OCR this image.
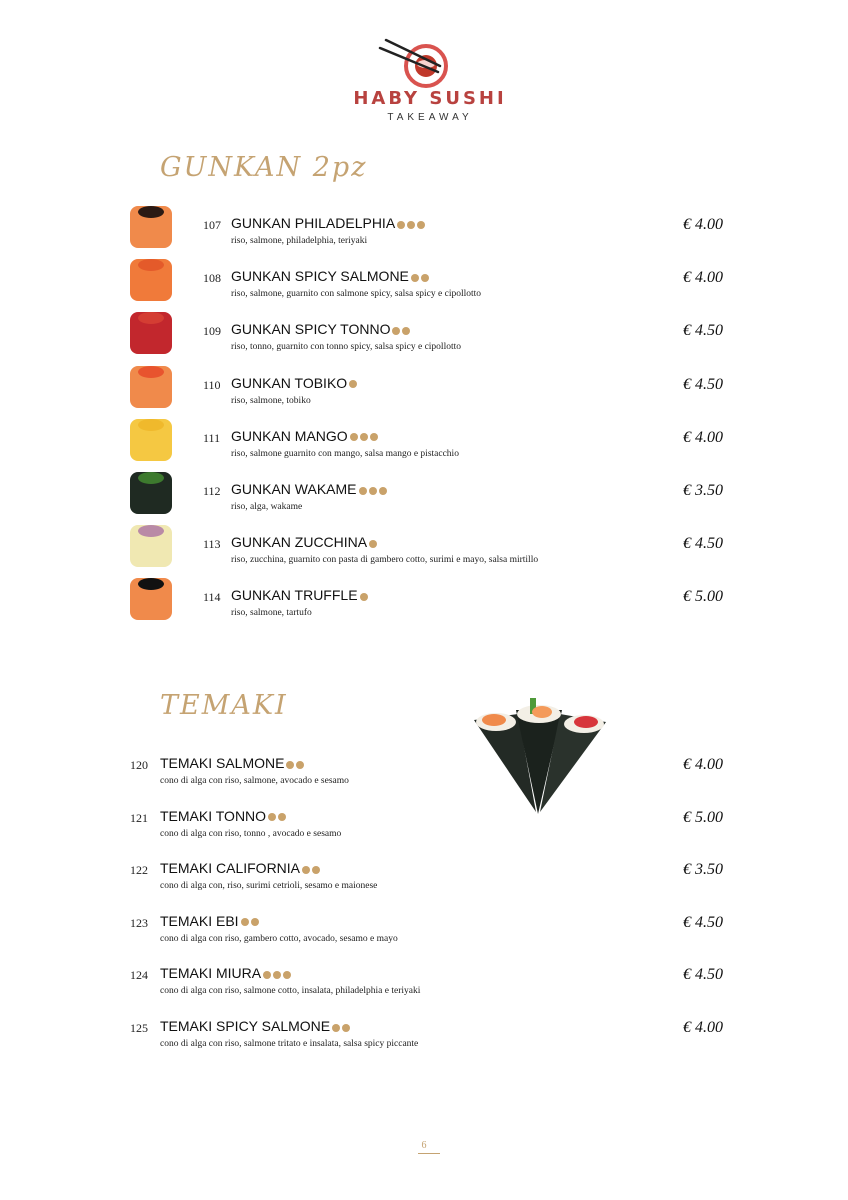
HABY SUSHI
TAKEAWAY
GUNKAN 2pz
107 GUNKAN PHILADELPHIA
riso, salmone, philadelphia, teriyaki
€ 4.00
108 GUNKAN SPICY SALMONE
riso, salmone, guarnito con salmone spicy, salsa spicy e cipollotto
€ 4.00
109 GUNKAN SPICY TONNO
riso, tonno, guarnito con tonno spicy, salsa spicy e cipollotto
€ 4.50
110 GUNKAN TOBIKO
riso, salmone, tobiko
€ 4.50
111 GUNKAN MANGO
riso, salmone guarnito con mango, salsa mango e pistacchio
€ 4.00
112 GUNKAN WAKAME
riso, alga, wakame
€ 3.50
113 GUNKAN ZUCCHINA
riso, zucchina, guarnito con pasta di gambero cotto, surimi e mayo, salsa mirtillo
€ 4.50
114 GUNKAN TRUFFLE
riso, salmone, tartufo
€ 5.00
TEMAKI
120 TEMAKI SALMONE
cono di alga con riso, salmone, avocado e sesamo
€ 4.00
121 TEMAKI TONNO
cono di alga con riso, tonno , avocado e sesamo
€ 5.00
122 TEMAKI CALIFORNIA
cono di alga con, riso, surimi cetrioli, sesamo e maionese
€ 3.50
123 TEMAKI EBI
cono di alga con riso, gambero cotto, avocado, sesamo e mayo
€ 4.50
124 TEMAKI MIURA
cono di alga con riso, salmone cotto, insalata, philadelphia e teriyaki
€ 4.50
125 TEMAKI SPICY SALMONE
cono di alga con riso, salmone tritato e insalata, salsa spicy piccante
€ 4.00
6
